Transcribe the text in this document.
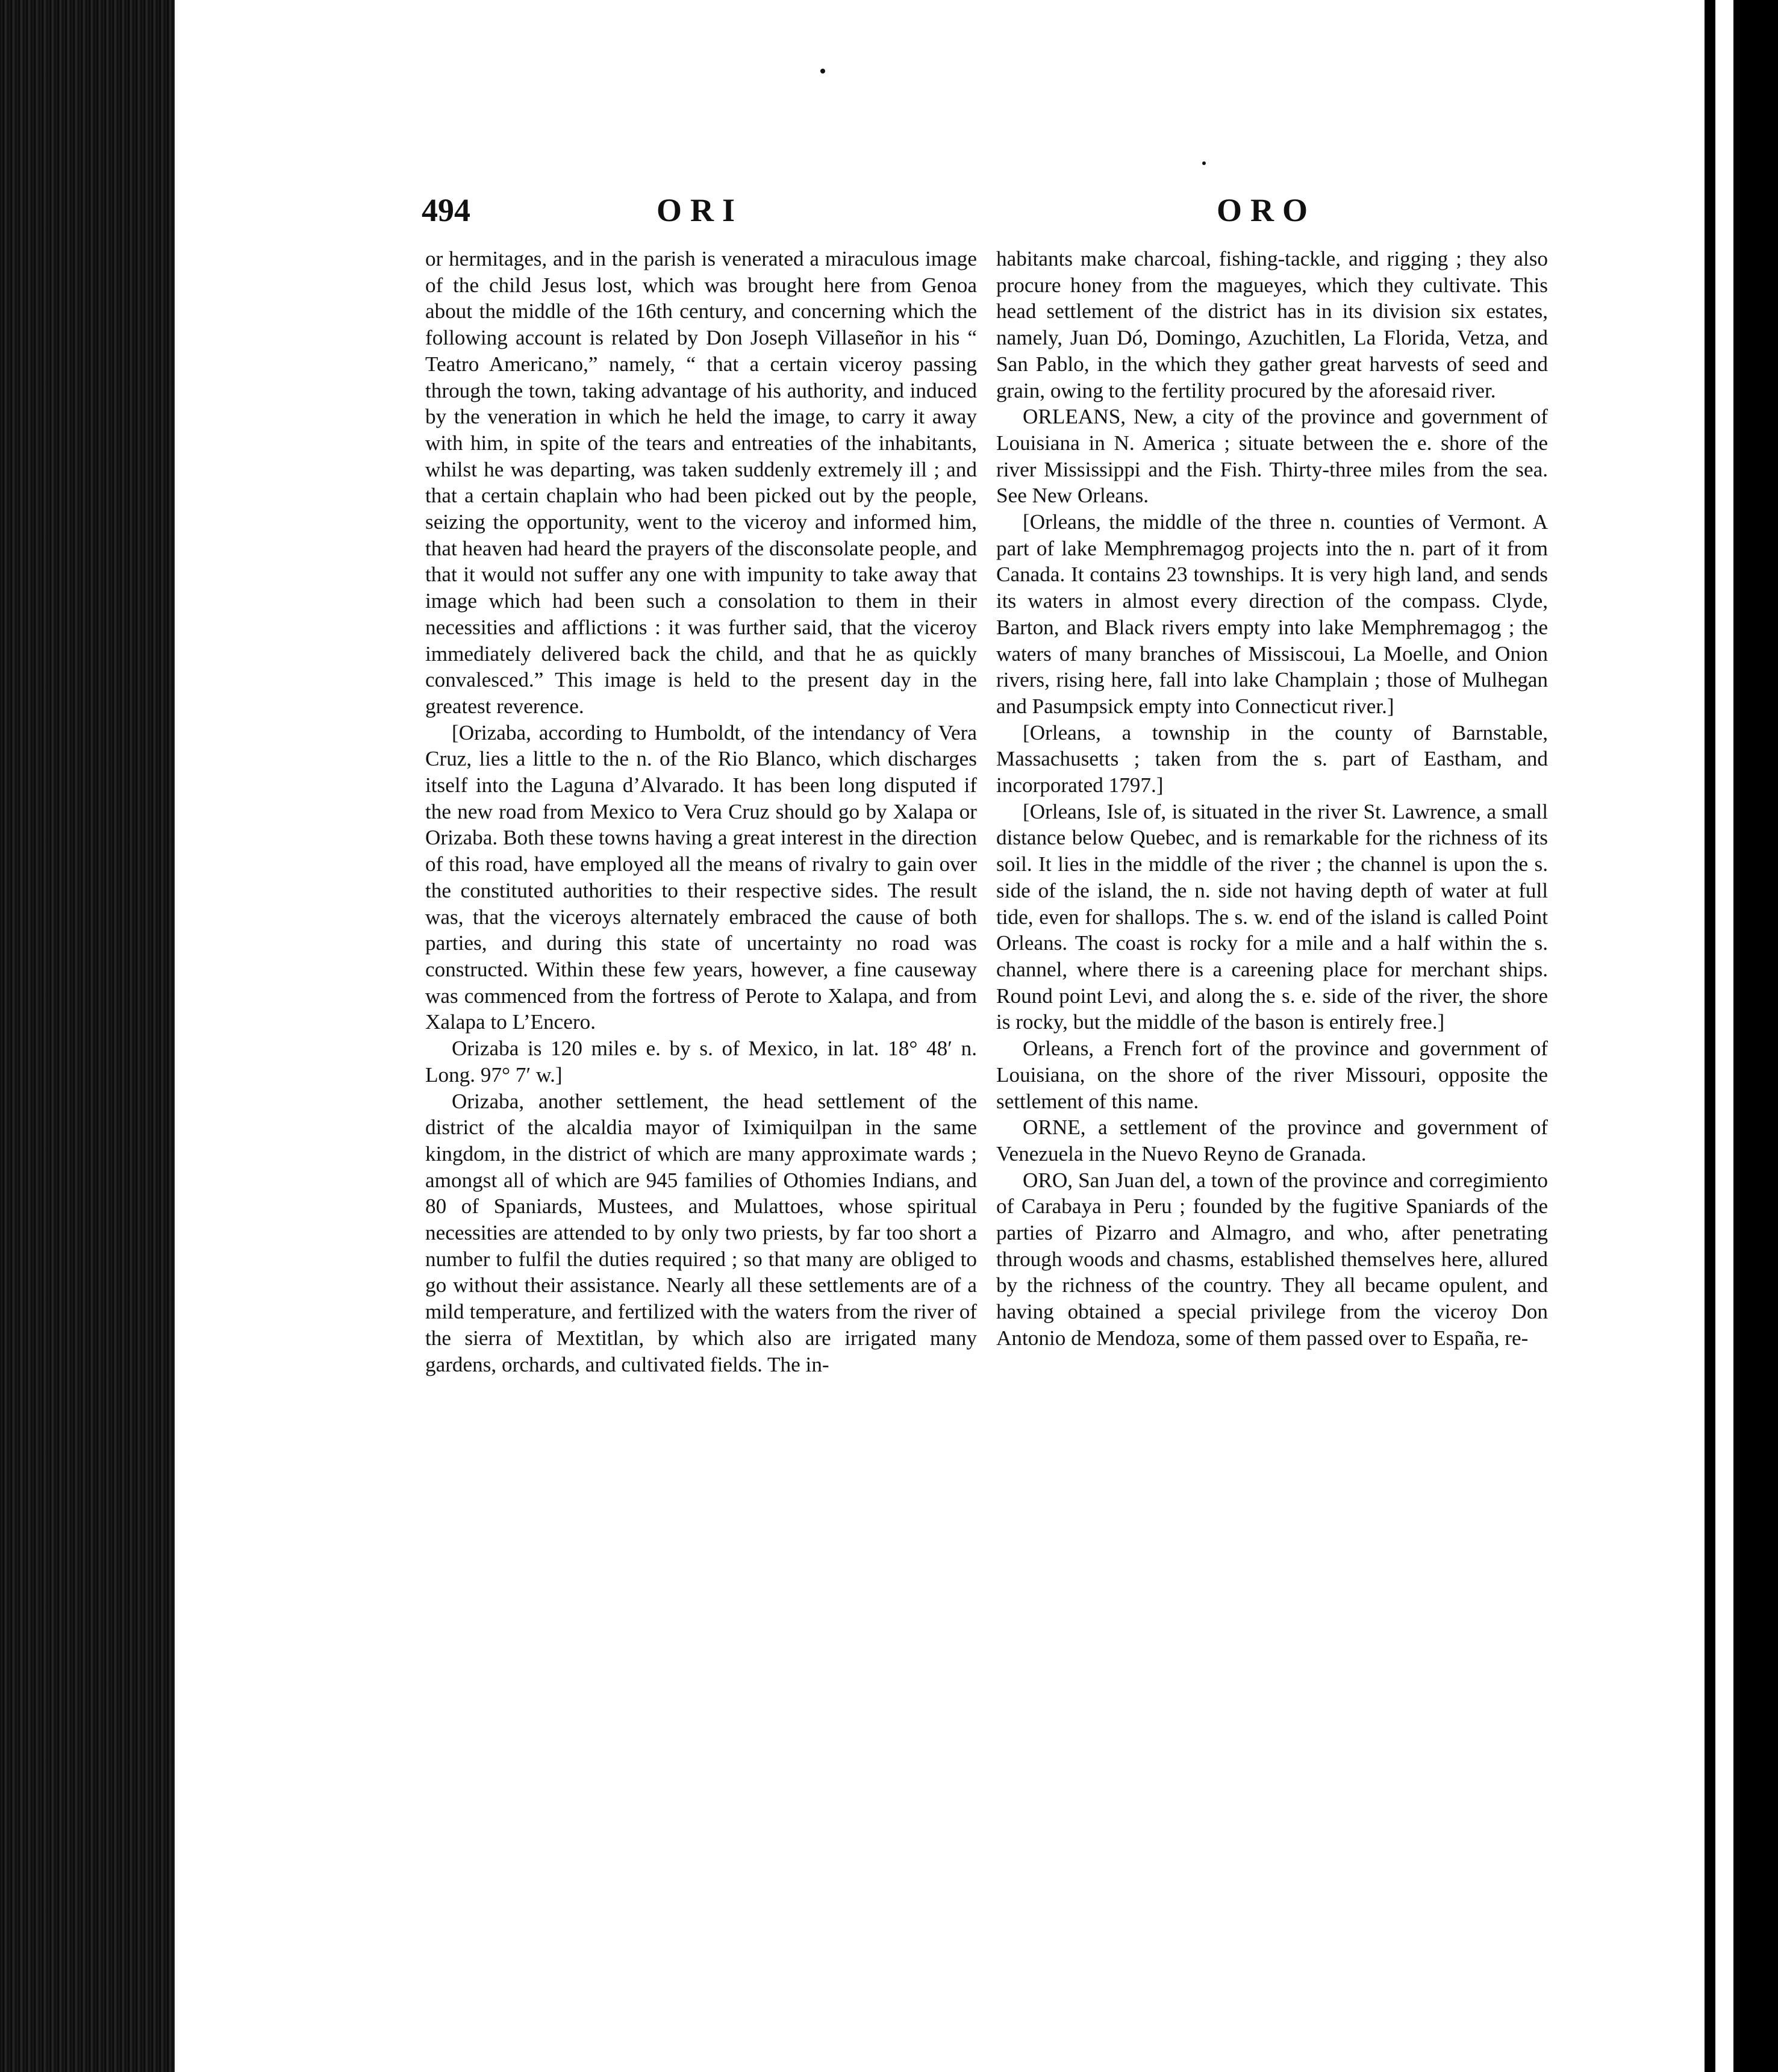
494	ORI	ORO

or hermitages, and in the parish is venerated a miraculous image of the child Jesus lost, which was brought here from Genoa about the middle of the 16th century, and concerning which the following account is related by Don Joseph Villaseñor in his “ Teatro Americano,” namely, “ that a certain viceroy passing through the town, taking advantage of his authority, and induced by the veneration in which he held the image, to carry it away with him, in spite of the tears and entreaties of the inhabitants, whilst he was departing, was taken suddenly extremely ill ; and that a certain chaplain who had been picked out by the people, seizing the opportunity, went to the viceroy and informed him, that heaven had heard the prayers of the disconsolate people, and that it would not suffer any one with impunity to take away that image which had been such a consolation to them in their necessities and afflictions : it was further said, that the viceroy immediately delivered back the child, and that he as quickly convalesced.” This image is held to the present day in the greatest reverence.

[Orizaba, according to Humboldt, of the intendancy of Vera Cruz, lies a little to the n. of the Rio Blanco, which discharges itself into the Laguna d’Alvarado. It has been long disputed if the new road from Mexico to Vera Cruz should go by Xalapa or Orizaba. Both these towns having a great interest in the direction of this road, have employed all the means of rivalry to gain over the constituted authorities to their respective sides. The result was, that the viceroys alternately embraced the cause of both parties, and during this state of uncertainty no road was constructed. Within these few years, however, a fine causeway was commenced from the fortress of Perote to Xalapa, and from Xalapa to L’Encero.

Orizaba is 120 miles e. by s. of Mexico, in lat. 18° 48′ n. Long. 97° 7′ w.]

Orizaba, another settlement, the head settlement of the district of the alcaldia mayor of Iximiquilpan in the same kingdom, in the district of which are many approximate wards ; amongst all of which are 945 families of Othomies Indians, and 80 of Spaniards, Mustees, and Mulattoes, whose spiritual necessities are attended to by only two priests, by far too short a number to fulfil the duties required ; so that many are obliged to go without their assistance. Nearly all these settlements are of a mild temperature, and fertilized with the waters from the river of the sierra of Mextitlan, by which also are irrigated many gardens, orchards, and cultivated fields. The in-

habitants make charcoal, fishing-tackle, and rigging ; they also procure honey from the magueyes, which they cultivate. This head settlement of the district has in its division six estates, namely, Juan Dó, Domingo, Azuchitlen, La Florida, Vetza, and San Pablo, in the which they gather great harvests of seed and grain, owing to the fertility procured by the aforesaid river.

ORLEANS, New, a city of the province and government of Louisiana in N. America ; situate between the e. shore of the river Mississippi and the Fish. Thirty-three miles from the sea. See New Orleans.

[Orleans, the middle of the three n. counties of Vermont. A part of lake Memphremagog projects into the n. part of it from Canada. It contains 23 townships. It is very high land, and sends its waters in almost every direction of the compass. Clyde, Barton, and Black rivers empty into lake Memphremagog ; the waters of many branches of Missiscoui, La Moelle, and Onion rivers, rising here, fall into lake Champlain ; those of Mulhegan and Pasumpsick empty into Connecticut river.]

[Orleans, a township in the county of Barnstable, Massachusetts ; taken from the s. part of Eastham, and incorporated 1797.]

[Orleans, Isle of, is situated in the river St. Lawrence, a small distance below Quebec, and is remarkable for the richness of its soil. It lies in the middle of the river ; the channel is upon the s. side of the island, the n. side not having depth of water at full tide, even for shallops. The s. w. end of the island is called Point Orleans. The coast is rocky for a mile and a half within the s. channel, where there is a careening place for merchant ships. Round point Levi, and along the s. e. side of the river, the shore is rocky, but the middle of the bason is entirely free.]

Orleans, a French fort of the province and government of Louisiana, on the shore of the river Missouri, opposite the settlement of this name.

ORNE, a settlement of the province and government of Venezuela in the Nuevo Reyno de Granada.

ORO, San Juan del, a town of the province and corregimiento of Carabaya in Peru ; founded by the fugitive Spaniards of the parties of Pizarro and Almagro, and who, after penetrating through woods and chasms, established themselves here, allured by the richness of the country. They all became opulent, and having obtained a special privilege from the viceroy Don Antonio de Mendoza, some of them passed over to España, re-
